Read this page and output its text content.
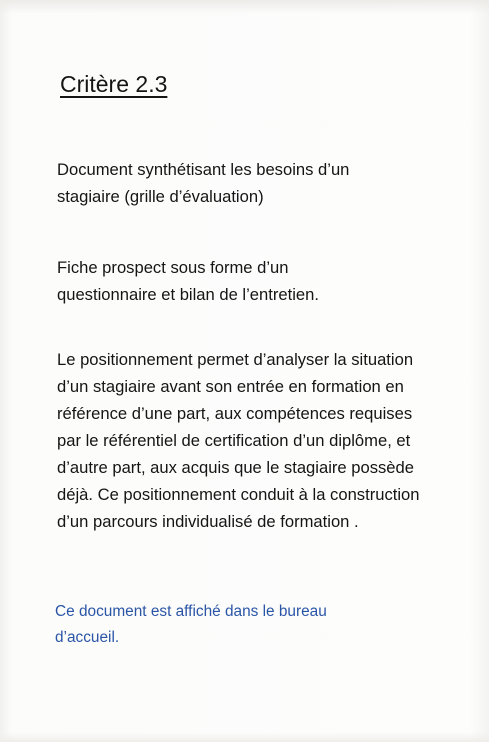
Critère 2.3

Document synthétisant les besoins d’un stagiaire (grille d’évaluation)

Fiche prospect sous forme d’un questionnaire et bilan de l’entretien.

Le positionnement permet d’analyser la situation d’un stagiaire avant son entrée en formation en référence d’une part, aux compétences requises par le référentiel de certification d’un diplôme, et d’autre part, aux acquis que le stagiaire possède déjà. Ce positionnement conduit à la construction d’un parcours individualisé de formation .

Ce document est affiché dans le bureau d’accueil.
